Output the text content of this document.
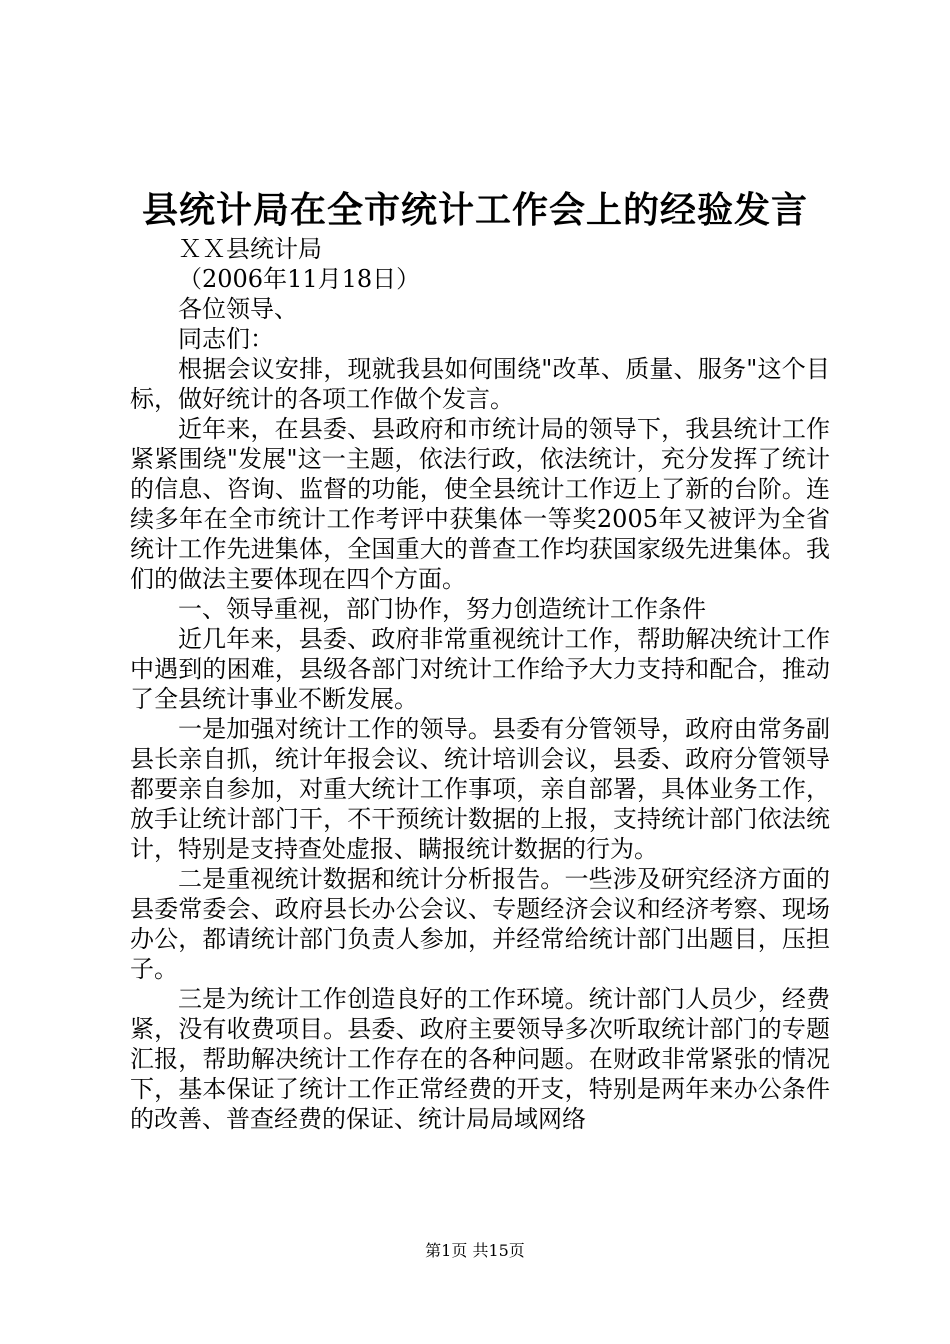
县统计局在全市统计工作会上的经验发言

ＸＸ县统计局

（2006年11月18日）

各位领导、

同志们：

根据会议安排，现就我县如何围绕"改革、质量、服务"这个目标，做好统计的各项工作做个发言。

近年来，在县委、县政府和市统计局的领导下，我县统计工作紧紧围绕"发展"这一主题，依法行政，依法统计，充分发挥了统计的信息、咨询、监督的功能，使全县统计工作迈上了新的台阶。连续多年在全市统计工作考评中获集体一等奖2005年又被评为全省统计工作先进集体，全国重大的普查工作均获国家级先进集体。我们的做法主要体现在四个方面。

一、领导重视，部门协作，努力创造统计工作条件

近几年来，县委、政府非常重视统计工作，帮助解决统计工作中遇到的困难，县级各部门对统计工作给予大力支持和配合，推动了全县统计事业不断发展。

一是加强对统计工作的领导。县委有分管领导，政府由常务副县长亲自抓，统计年报会议、统计培训会议，县委、政府分管领导都要亲自参加，对重大统计工作事项，亲自部署，具体业务工作，放手让统计部门干，不干预统计数据的上报，支持统计部门依法统计，特别是支持查处虚报、瞒报统计数据的行为。

二是重视统计数据和统计分析报告。一些涉及研究经济方面的县委常委会、政府县长办公会议、专题经济会议和经济考察、现场办公，都请统计部门负责人参加，并经常给统计部门出题目，压担子。

三是为统计工作创造良好的工作环境。统计部门人员少，经费紧，没有收费项目。县委、政府主要领导多次听取统计部门的专题汇报，帮助解决统计工作存在的各种问题。在财政非常紧张的情况下，基本保证了统计工作正常经费的开支，特别是两年来办公条件的改善、普查经费的保证、统计局局域网络

第1页 共15页
